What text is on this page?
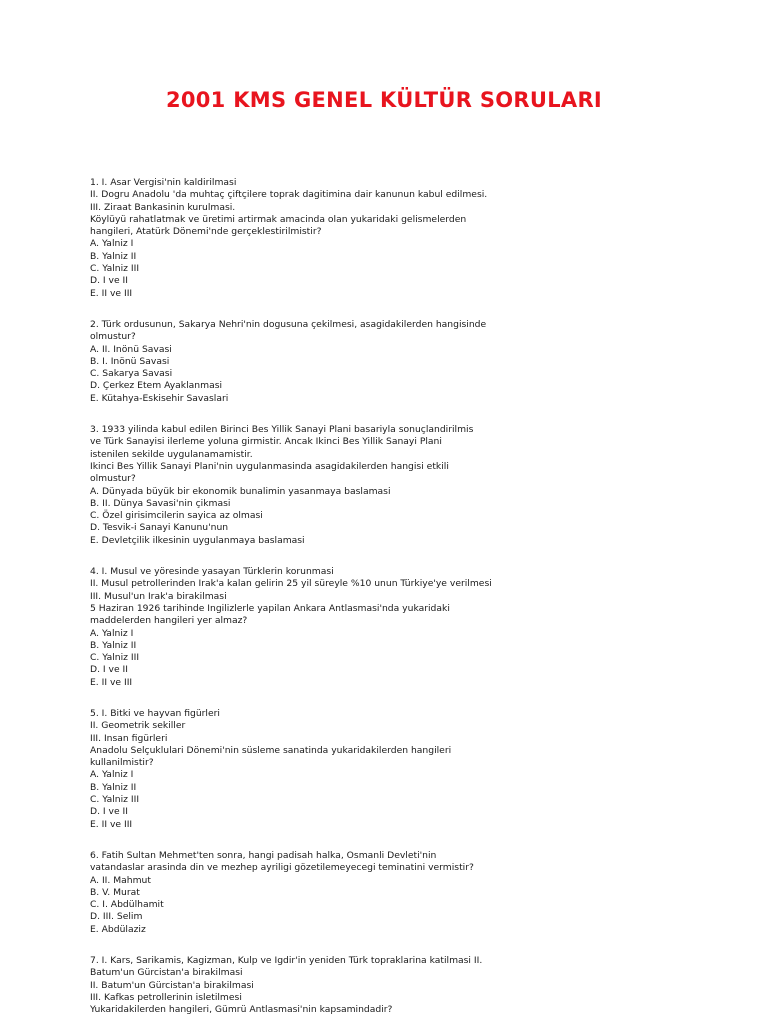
2001 KMS GENEL KÜLTÜR SORULARI
1. I. Asar Vergisi'nin kaldirilmasi
II. Dogru Anadolu 'da muhtaç çiftçilere toprak dagitimina dair kanunun kabul edilmesi.
III. Ziraat Bankasinin kurulmasi.
Köylüyü rahatlatmak ve üretimi artirmak amacinda olan yukaridaki gelismelerden
hangileri, Atatürk Dönemi'nde gerçeklestirilmistir?
A. Yalniz I
B. Yalniz II
C. Yalniz III
D. I ve II
E. II ve III
2. Türk ordusunun, Sakarya Nehri'nin dogusuna çekilmesi, asagidakilerden hangisinde
olmustur?
A. II. Inönü Savasi
B. I. Inönü Savasi
C. Sakarya Savasi
D. Çerkez Etem Ayaklanmasi
E. Kütahya-Eskisehir Savaslari
3. 1933 yilinda kabul edilen Birinci Bes Yillik Sanayi Plani basariyla sonuçlandirilmis
ve Türk Sanayisi ilerleme yoluna girmistir. Ancak Ikinci Bes Yillik Sanayi Plani
istenilen sekilde uygulanamamistir.
Ikinci Bes Yillik Sanayi Plani'nin uygulanmasinda asagidakilerden hangisi etkili
olmustur?
A. Dünyada büyük bir ekonomik bunalimin yasanmaya baslamasi
B. II. Dünya Savasi'nin çikmasi
C. Özel girisimcilerin sayica az olmasi
D. Tesvik-i Sanayi Kanunu'nun
E. Devletçilik ilkesinin uygulanmaya baslamasi
4. I. Musul ve yöresinde yasayan Türklerin korunmasi
II. Musul petrollerinden Irak'a kalan gelirin 25 yil süreyle %10 unun Türkiye'ye verilmesi
III. Musul'un Irak'a birakilmasi
5 Haziran 1926 tarihinde Ingilizlerle yapilan Ankara Antlasmasi'nda yukaridaki
maddelerden hangileri yer almaz?
A. Yalniz I
B. Yalniz II
C. Yalniz III
D. I ve II
E. II ve III
5. I. Bitki ve hayvan figürleri
II. Geometrik sekiller
III. Insan figürleri
Anadolu Selçuklulari Dönemi'nin süsleme sanatinda yukaridakilerden hangileri
kullanilmistir?
A. Yalniz I
B. Yalniz II
C. Yalniz III
D. I ve II
E. II ve III
6. Fatih Sultan Mehmet'ten sonra, hangi padisah halka, Osmanli Devleti'nin
vatandaslar arasinda din ve mezhep ayriligi gözetilemeyecegi teminatini vermistir?
A. II. Mahmut
B. V. Murat
C. I. Abdülhamit
D. III. Selim
E. Abdülaziz
7. I. Kars, Sarikamis, Kagizman, Kulp ve Igdir'in yeniden Türk topraklarina katilmasi II.
Batum'un Gürcistan'a birakilmasi
II. Batum'un Gürcistan'a birakilmasi
III. Kafkas petrollerinin isletilmesi
Yukaridakilerden hangileri, Gümrü Antlasmasi'nin kapsamindadir?
